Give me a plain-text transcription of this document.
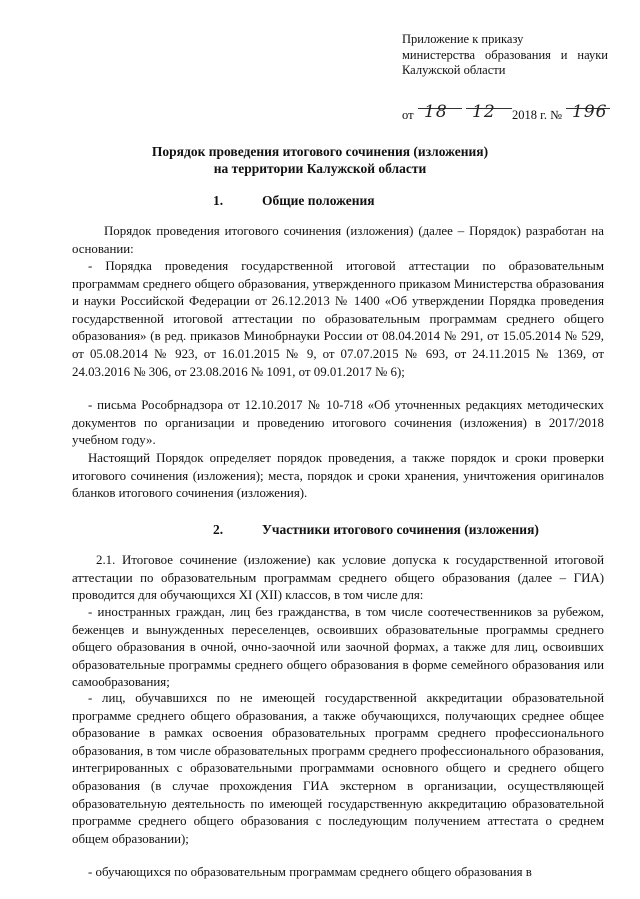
Приложение к приказу
министерства образования и науки
Калужской области
от 18 12 2018 г. № 196
Порядок проведения итогового сочинения (изложения)
на территории Калужской области
1.	Общие положения
Порядок проведения итогового сочинения (изложения) (далее – Порядок) разработан на основании:
- Порядка проведения государственной итоговой аттестации по образовательным программам среднего общего образования, утвержденного приказом Министерства образования и науки Российской Федерации от 26.12.2013 № 1400 «Об утверждении Порядка проведения государственной итоговой аттестации по образовательным программам среднего общего образования» (в ред. приказов Минобрнауки России от 08.04.2014 № 291, от 15.05.2014 № 529, от 05.08.2014 № 923, от 16.01.2015 № 9, от 07.07.2015 № 693, от 24.11.2015 № 1369, от 24.03.2016 № 306, от 23.08.2016 № 1091, от 09.01.2017 № 6);
- письма Рособрнадзора от 12.10.2017 № 10-718 «Об уточненных редакциях методических документов по организации и проведению итогового сочинения (изложения) в 2017/2018 учебном году».
Настоящий Порядок определяет порядок проведения, а также порядок и сроки проверки итогового сочинения (изложения); места, порядок и сроки хранения, уничтожения оригиналов бланков итогового сочинения (изложения).
2.	Участники итогового сочинения (изложения)
2.1. Итоговое сочинение (изложение) как условие допуска к государственной итоговой аттестации по образовательным программам среднего общего образования (далее – ГИА) проводится для обучающихся XI (XII) классов, в том числе для:
- иностранных граждан, лиц без гражданства, в том числе соотечественников за рубежом, беженцев и вынужденных переселенцев, освоивших образовательные программы среднего общего образования в очной, очно-заочной или заочной формах, а также для лиц, освоивших образовательные программы среднего общего образования в форме семейного образования или самообразования;
- лиц, обучавшихся по не имеющей государственной аккредитации образовательной программе среднего общего образования, а также обучающихся, получающих среднее общее образование в рамках освоения образовательных программ среднего профессионального образования, в том числе образовательных программ среднего профессионального образования, интегрированных с образовательными программами основного общего и среднего общего образования (в случае прохождения ГИА экстерном в организации, осуществляющей образовательную деятельность по имеющей государственную аккредитацию образовательной программе среднего общего образования с последующим получением аттестата о среднем общем образовании);
- обучающихся по образовательным программам среднего общего образования в
